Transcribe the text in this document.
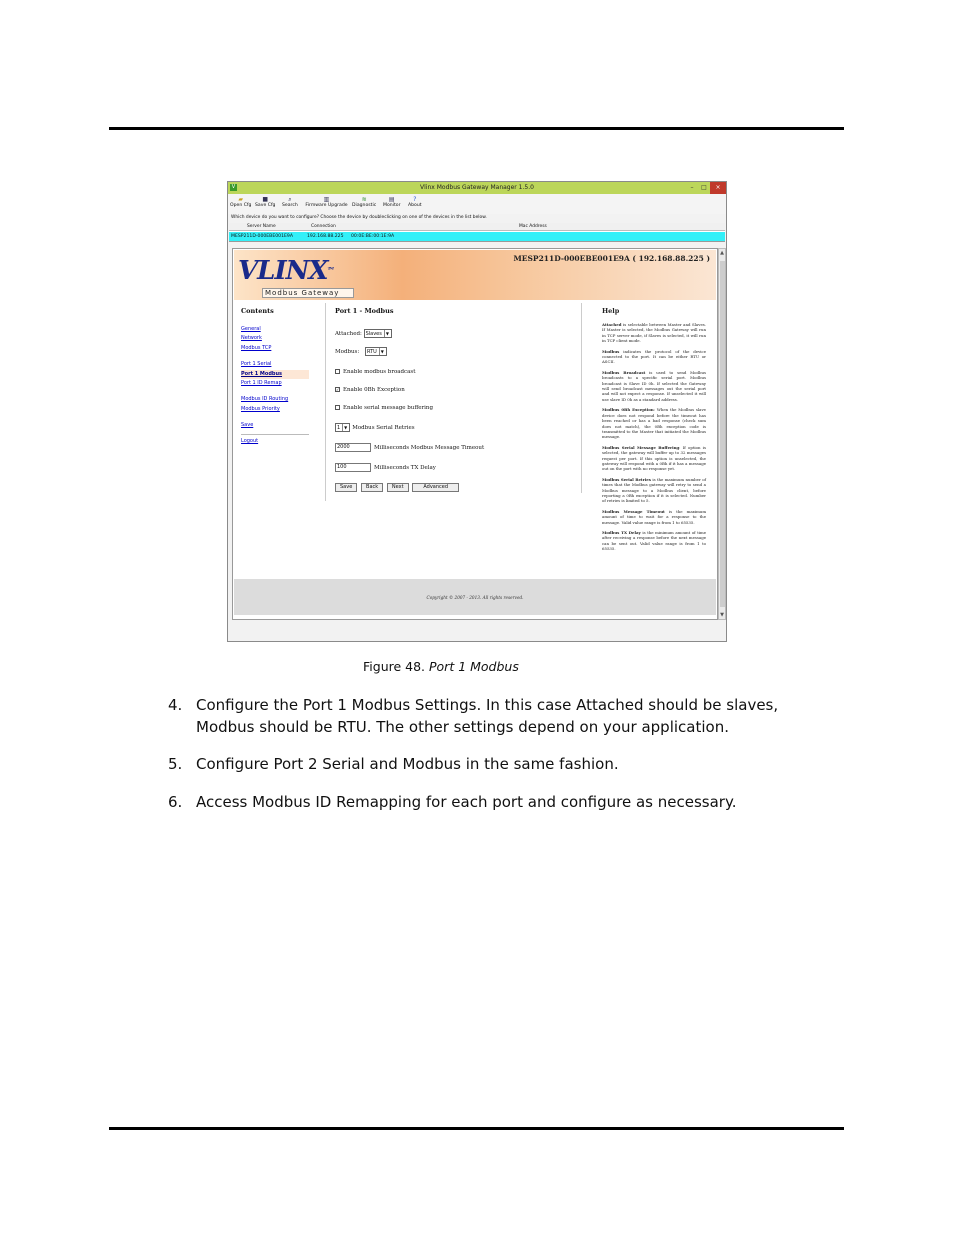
V	Vlinx Modbus Gateway Manager 1.5.0	–	□	×
▰
Open Cfg
■
Save Cfg
⌕
Search
▥
Firmware Upgrade
≋
Diagnostic
▤
Monitor
?
About
Which device do you want to configure? Choose the device by doubleclicking on one of the devices in the list below.
Server Name	Connection	Mac Address
MESP211D-000EBE001E9A	192.168.88.225 00:0E:BE:00:1E:9A
VLINX™
Modbus Gateway
MESP211D-000EBE001E9A ( 192.168.88.225 )
Contents
General
Network
Modbus TCP
Port 1 Serial
Port 1 Modbus
Port 1 ID Remap
Modbus ID Routing
Modbus Priority
Save
Logout
Port 1 - Modbus
Attached: Slaves ▼
Modbus: RTU ▼
Enable modbus broadcast
✓ Enable 0Bh Exception
Enable serial message buffering
1 ▼ Modbus Serial Retries
2000	Milliseconds Modbus Message Timeout
100	Milliseconds TX Delay
Save	Back	Next	Advanced
Help

Attached is selectable between Master and Slaves. If Master is selected, the Modbus Gateway will run in TCP server mode, if Slaves is selected, it will run in TCP client mode.

Modbus indicates the protocol of the device connected to the port. It can be either RTU or ASCII.

Modbus Broadcast is used to send Modbus broadcasts to a specific serial port. Modbus broadcast is Slave ID 0h. If selected the Gateway will send broadcast messages out the serial port and will not expect a response. If unselected it will use slave ID 0h as a standard address.

Modbus 0Bh Exception: When the Modbus slave device does not respond before the timeout has been reached or has a bad response (check sum does not match), the 0Bh exception code is transmitted to the Master that initiated the Modbus message.

Modbus Serial Message Buffering: If option is selected, the gateway will buffer up to 32 messages request per port. If this option is unselected, the gateway will respond with a 0Bh if it has a message out on the port with no response yet.

Modbus Serial Retries is the maximum number of times that the Modbus gateway will retry to send a Modbus message to a Modbus client, before reporting a 0Bh exception if it is selected. Number of retries is limited to 5.

Modbus Message Timeout is the maximum amount of time to wait for a response to the message. Valid value range is from 1 to 65535.

Modbus TX Delay is the minimum amount of time after receiving a response before the next message can be sent out. Valid value range is from 1 to 65535.

Copyright © 2007 - 2013. All rights reserved.
▲
▼
Figure 48. Port 1 Modbus
4. Configure the Port 1 Modbus Settings. In this case Attached should be slaves, Modbus should be RTU. The other settings depend on your application.
5. Configure Port 2 Serial and Modbus in the same fashion.
6. Access Modbus ID Remapping for each port and configure as necessary.
